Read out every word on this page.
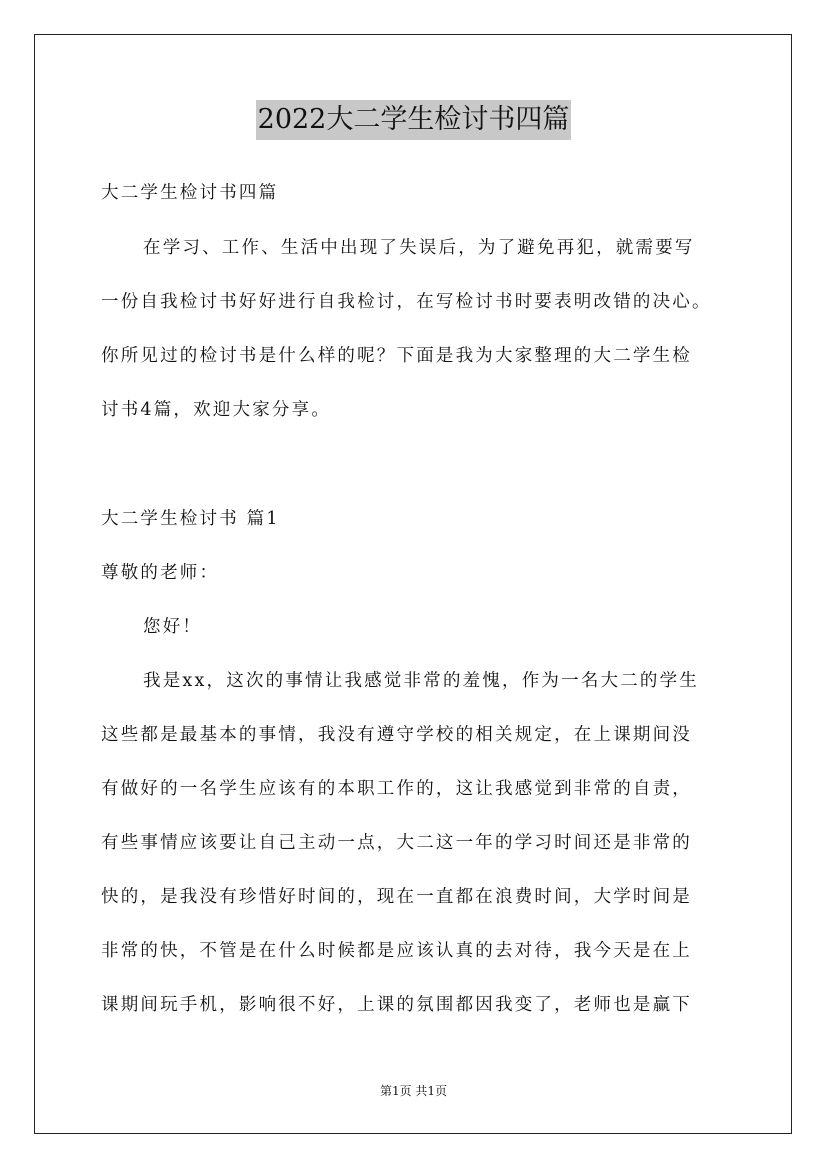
2022大二学生检讨书四篇
大二学生检讨书四篇
在学习、工作、生活中出现了失误后，为了避免再犯，就需要写
一份自我检讨书好好进行自我检讨，在写检讨书时要表明改错的决心。
你所见过的检讨书是什么样的呢？下面是我为大家整理的大二学生检
讨书4篇，欢迎大家分享。
大二学生检讨书 篇1
尊敬的老师：
您好！
我是xx，这次的事情让我感觉非常的羞愧，作为一名大二的学生
这些都是最基本的事情，我没有遵守学校的相关规定，在上课期间没
有做好的一名学生应该有的本职工作的，这让我感觉到非常的自责，
有些事情应该要让自己主动一点，大二这一年的学习时间还是非常的
快的，是我没有珍惜好时间的，现在一直都在浪费时间，大学时间是
非常的快，不管是在什么时候都是应该认真的去对待，我今天是在上
课期间玩手机，影响很不好，上课的氛围都因我变了，老师也是赢下
第1页 共1页
